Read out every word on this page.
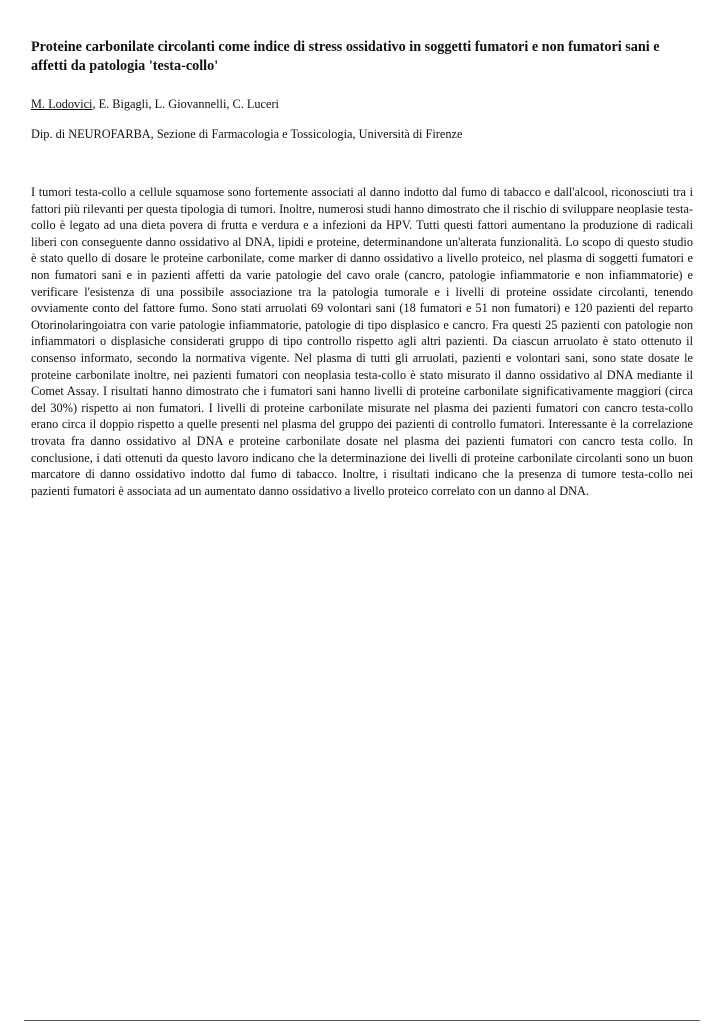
Proteine carbonilate circolanti come indice di stress ossidativo in soggetti fumatori e non fumatori sani e affetti da patologia 'testa-collo'

M. Lodovici, E. Bigagli, L. Giovannelli, C. Luceri

Dip. di NEUROFARBA, Sezione di Farmacologia e Tossicologia, Università di Firenze

I tumori testa-collo a cellule squamose sono fortemente associati al danno indotto dal fumo di tabacco e dall'alcool, riconosciuti tra i fattori più rilevanti per questa tipologia di tumori. Inoltre, numerosi studi hanno dimostrato che il rischio di sviluppare neoplasie testa-collo è legato ad una dieta povera di frutta e verdura e a infezioni da HPV. Tutti questi fattori aumentano la produzione di radicali liberi con conseguente danno ossidativo al DNA, lipidi e proteine, determinandone un'alterata funzionalità. Lo scopo di questo studio è stato quello di dosare le proteine carbonilate, come marker di danno ossidativo a livello proteico, nel plasma di soggetti fumatori e non fumatori sani e in pazienti affetti da varie patologie del cavo orale (cancro, patologie infiammatorie e non infiammatorie) e verificare l'esistenza di una possibile associazione tra la patologia tumorale e i livelli di proteine ossidate circolanti, tenendo ovviamente conto del fattore fumo. Sono stati arruolati 69 volontari sani (18 fumatori e 51 non fumatori) e 120 pazienti del reparto Otorinolaringoiatra con varie patologie infiammatorie, patologie di tipo displasico e cancro. Fra questi 25 pazienti con patologie non infiammatori o displasiche considerati gruppo di tipo controllo rispetto agli altri pazienti. Da ciascun arruolato è stato ottenuto il consenso informato, secondo la normativa vigente. Nel plasma di tutti gli arruolati, pazienti e volontari sani, sono state dosate le proteine carbonilate inoltre, nei pazienti fumatori con neoplasia testa-collo è stato misurato il danno ossidativo al DNA mediante il Comet Assay. I risultati hanno dimostrato che i fumatori sani hanno livelli di proteine carbonilate significativamente maggiori (circa del 30%) rispetto ai non fumatori. I livelli di proteine carbonilate misurate nel plasma dei pazienti fumatori con cancro testa-collo erano circa il doppio rispetto a quelle presenti nel plasma del gruppo dei pazienti di controllo fumatori. Interessante è la correlazione trovata fra danno ossidativo al DNA e proteine carbonilate dosate nel plasma dei pazienti fumatori con cancro testa collo. In conclusione, i dati ottenuti da questo lavoro indicano che la determinazione dei livelli di proteine carbonilate circolanti sono un buon marcatore di danno ossidativo indotto dal fumo di tabacco. Inoltre, i risultati indicano che la presenza di tumore testa-collo nei pazienti fumatori è associata ad un aumentato danno ossidativo a livello proteico correlato con un danno al DNA.
